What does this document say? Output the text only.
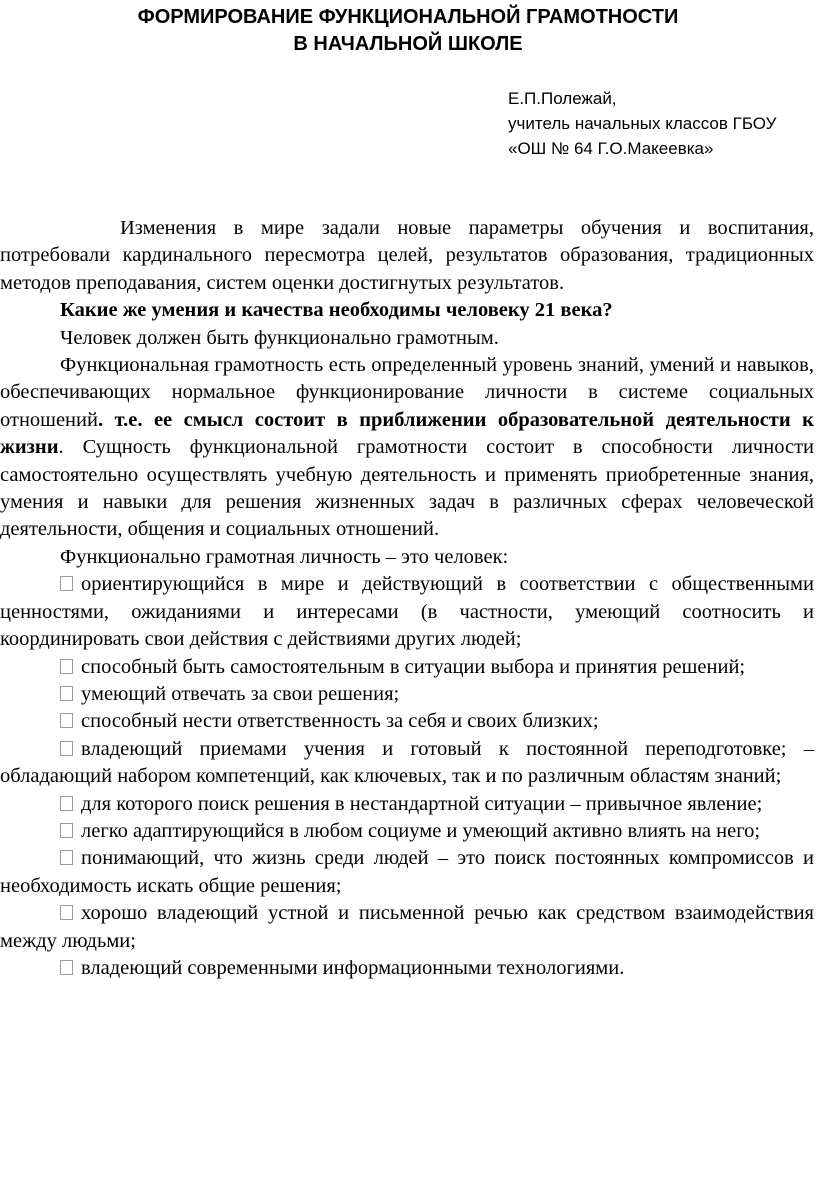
ФОРМИРОВАНИЕ ФУНКЦИОНАЛЬНОЙ ГРАМОТНОСТИ
В НАЧАЛЬНОЙ ШКОЛЕ
Е.П.Полежай,
учитель начальных классов ГБОУ
«ОШ № 64 Г.О.Макеевка»

Изменения в мире задали новые параметры обучения и воспитания, потребовали кардинального пересмотра целей, результатов образования, традиционных методов преподавания, систем оценки достигнутых результатов.

Какие же умения и качества необходимы человеку 21 века?

Человек должен быть функционально грамотным.

Функциональная грамотность есть определенный уровень знаний, умений и навыков, обеспечивающих нормальное функционирование личности в системе социальных отношений. т.е. ее смысл состоит в приближении образовательной деятельности к жизни. Сущность функциональной грамотности состоит в способности личности самостоятельно осуществлять учебную деятельность и применять приобретенные знания, умения и навыки для решения жизненных задач в различных сферах человеческой деятельности, общения и социальных отношений.

Функционально грамотная личность – это человек:

ориентирующийся в мире и действующий в соответствии с общественными ценностями, ожиданиями и интересами (в частности, умеющий соотносить и координировать свои действия с действиями других людей;

способный быть самостоятельным в ситуации выбора и принятия решений;

умеющий отвечать за свои решения;

способный нести ответственность за себя и своих близких;

владеющий приемами учения и готовый к постоянной переподготовке; – обладающий набором компетенций, как ключевых, так и по различным областям знаний;

для которого поиск решения в нестандартной ситуации – привычное явление;

легко адаптирующийся в любом социуме и умеющий активно влиять на него;

понимающий, что жизнь среди людей – это поиск постоянных компромиссов и необходимость искать общие решения;

хорошо владеющий устной и письменной речью как средством взаимодействия между людьми;

владеющий современными информационными технологиями.
